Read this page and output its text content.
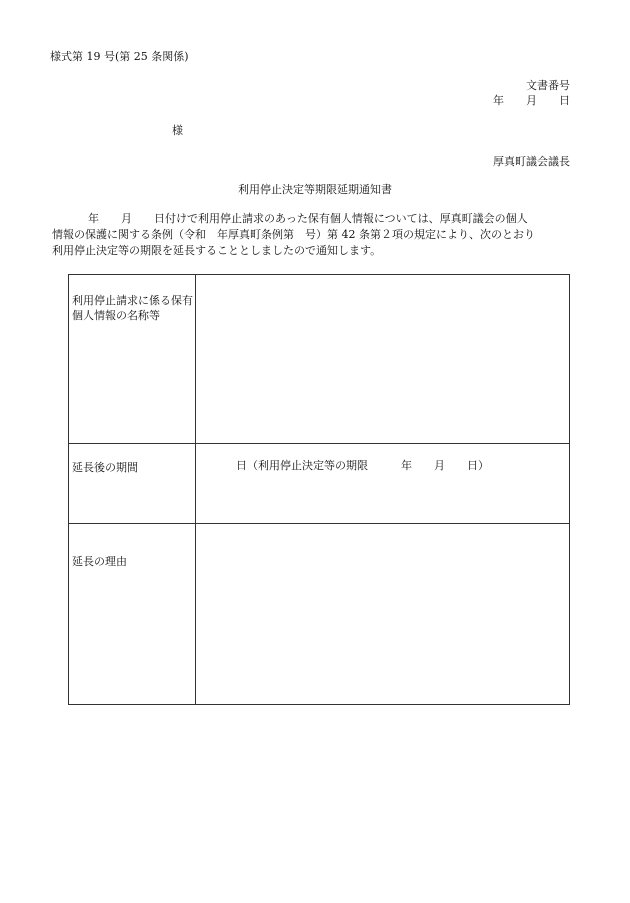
様式第 19 号(第 25 条関係)
文書番号
年　　月　　日
様
厚真町議会議長
利用停止決定等期限延期通知書
年　　月　　日付けで利用停止請求のあった保有個人情報については、厚真町議会の個人
情報の保護に関する条例（令和　年厚真町条例第　号）第 42 条第２項の規定により、次のとおり
利用停止決定等の期限を延長することとしましたので通知します。
利用停止請求に係る保有個人情報の名称等	
延長後の期間	日（利用停止決定等の期限　　　年　　月　　日）
延長の理由	
